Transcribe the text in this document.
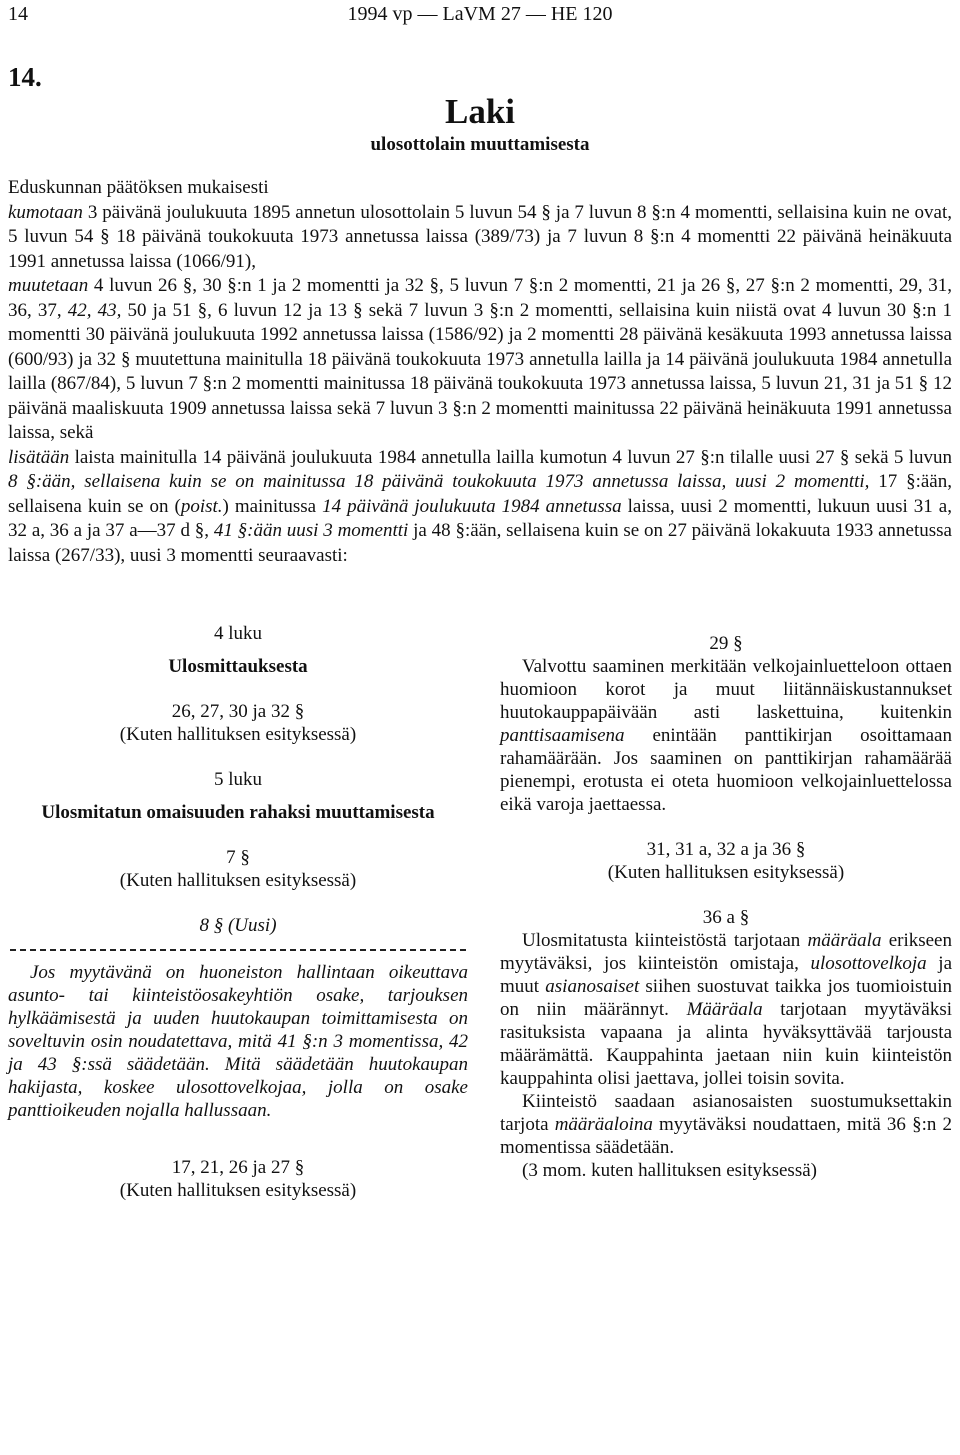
14	1994 vp — LaVM 27 — HE 120
14.
Laki
ulosottolain muuttamisesta

Eduskunnan päätöksen mukaisesti

kumotaan 3 päivänä joulukuuta 1895 annetun ulosottolain 5 luvun 54 § ja 7 luvun 8 §:n 4 momentti, sellaisina kuin ne ovat, 5 luvun 54 § 18 päivänä toukokuuta 1973 annetussa laissa (389/73) ja 7 luvun 8 §:n 4 momentti 22 päivänä heinäkuuta 1991 annetussa laissa (1066/91),

muutetaan 4 luvun 26 §, 30 §:n 1 ja 2 momentti ja 32 §, 5 luvun 7 §:n 2 momentti, 21 ja 26 §, 27 §:n 2 momentti, 29, 31, 36, 37, 42, 43, 50 ja 51 §, 6 luvun 12 ja 13 § sekä 7 luvun 3 §:n 2 momentti, sellaisina kuin niistä ovat 4 luvun 30 §:n 1 momentti 30 päivänä joulukuuta 1992 annetussa laissa (1586/92) ja 2 momentti 28 päivänä kesäkuuta 1993 annetussa laissa (600/93) ja 32 § muutettuna mainitulla 18 päivänä toukokuuta 1973 annetulla lailla ja 14 päivänä joulukuuta 1984 annetulla lailla (867/84), 5 luvun 7 §:n 2 momentti mainitussa 18 päivänä toukokuuta 1973 annetussa laissa, 5 luvun 21, 31 ja 51 § 12 päivänä maaliskuuta 1909 annetussa laissa sekä 7 luvun 3 §:n 2 momentti mainitussa 22 päivänä heinäkuuta 1991 annetussa laissa, sekä

lisätään laista mainitulla 14 päivänä joulukuuta 1984 annetulla lailla kumotun 4 luvun 27 §:n tilalle uusi 27 § sekä 5 luvun 8 §:ään, sellaisena kuin se on mainitussa 18 päivänä toukokuuta 1973 annetussa laissa, uusi 2 momentti, 17 §:ään, sellaisena kuin se on (poist.) mainitussa 14 päivänä joulukuuta 1984 annetussa laissa, uusi 2 momentti, lukuun uusi 31 a, 32 a, 36 a ja 37 a—37 d §, 41 §:ään uusi 3 momentti ja 48 §:ään, sellaisena kuin se on 27 päivänä lokakuuta 1933 annetussa laissa (267/33), uusi 3 momentti seuraavasti:

4 luku
Ulosmittauksesta
26, 27, 30 ja 32 §
(Kuten hallituksen esityksessä)
5 luku
Ulosmitatun omaisuuden rahaksi muuttamisesta
7 §
(Kuten hallituksen esityksessä)
8 § (Uusi)

Jos myytävänä on huoneiston hallintaan oikeuttava asunto- tai kiinteistöosakeyhtiön osake, tarjouksen hylkäämisestä ja uuden huutokaupan toimittamisesta on soveltuvin osin noudatettava, mitä 41 §:n 3 momentissa, 42 ja 43 §:ssä säädetään. Mitä säädetään huutokaupan hakijasta, koskee ulosottovelkojaa, jolla on osake panttioikeuden nojalla hallussaan.

17, 21, 26 ja 27 §
(Kuten hallituksen esityksessä)
29 §

Valvottu saaminen merkitään velkojainluetteloon ottaen huomioon korot ja muut liitännäiskustannukset huutokauppapäivään asti laskettuina, kuitenkin panttisaamisena enintään panttikirjan osoittamaan rahamäärään. Jos saaminen on panttikirjan rahamäärää pienempi, erotusta ei oteta huomioon velkojainluettelossa eikä varoja jaettaessa.

31, 31 a, 32 a ja 36 §
(Kuten hallituksen esityksessä)
36 a §

Ulosmitatusta kiinteistöstä tarjotaan määräala erikseen myytäväksi, jos kiinteistön omistaja, ulosottovelkoja ja muut asianosaiset siihen suostuvat taikka jos tuomioistuin on niin määrännyt. Määräala tarjotaan myytäväksi rasituksista vapaana ja alinta hyväksyttävää tarjousta määrämättä. Kauppahinta jaetaan niin kuin kiinteistön kauppahinta olisi jaettava, jollei toisin sovita.

Kiinteistö saadaan asianosaisten suostumuksettakin tarjota määräaloina myytäväksi noudattaen, mitä 36 §:n 2 momentissa säädetään.

(3 mom. kuten hallituksen esityksessä)
